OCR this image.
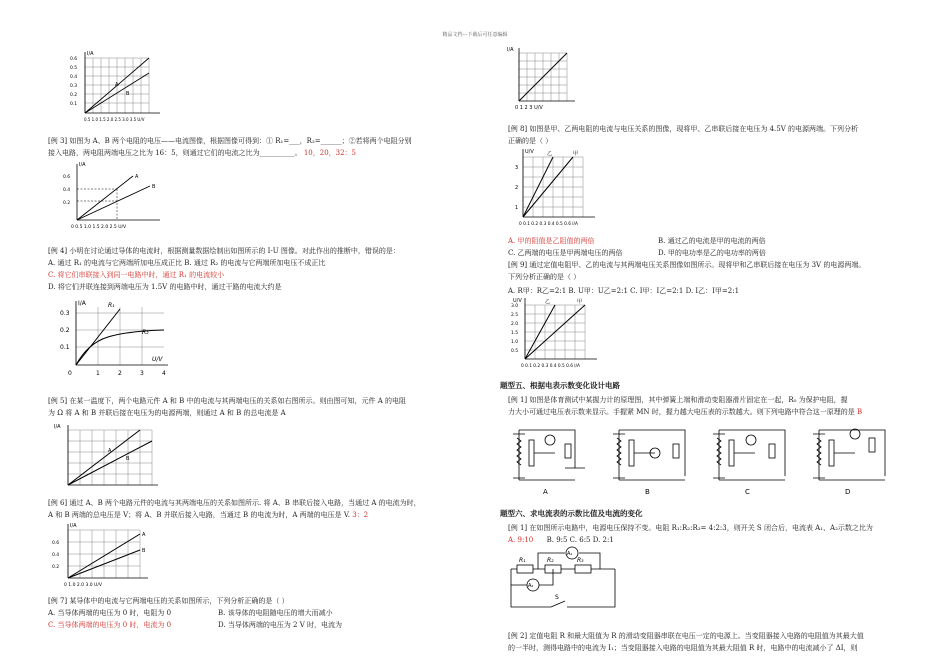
精品文档---下载后可任意编辑
I/A
A
B
0.6
0.5
0.4
0.3
0.2
0.1
0.5 1.0 1.5 2.0 2.5 3.0 3.5 U/V
[例 3] 如图为 A、B 两个电阻的电压——电流图像，根据图像可得到：① R₁=___，R₂=______；②若将两个电阻分别
接入电路，两电阻两端电压之比为 16：5，则通过它们的电流之比为__________。 10，20，32：5
I/A
0.6
0.4
0.2
A
B
0 0.5 1.0 1.5 2.0 2.5 U/V
[例 4] 小明在讨论通过导体的电流时，根据测量数据绘制出如图所示的 I-U 图像。对此作出的推断中，错误的是：
A. 通过 R₁ 的电流与它两端所加电压成正比 B. 通过 R₂ 的电流与它两端所加电压不成正比
C. 将它们串联接入到同一电路中时，通过 R₁ 的电流较小
D. 将它们并联连接到两端电压为 1.5V 的电路中时，通过干路的电流大约是
I/A
0.3
0.2
0.1
R₁
R₂
0	1	2	3	4
U/V
[例 5] 在某一温度下，两个电路元件 A 和 B 中的电流与其两端电压的关系如右图所示。则由图可知，元件 A 的电阻
为 Ω 将 A 和 B 并联后接在电压为的电源两端，则通过 A 和 B 的总电流是 A
I/A
A
B
[例 6] 通过 A、B 两个电路元件的电流与其两端电压的关系如图所示. 将 A、B 串联后接入电路，当通过 A 的电流为时，
A 和 B 两端的总电压是 V；将 A、B 并联后接入电路，当通过 B 的电流为时，A 两端的电压是 V. 3：2
I/A
0.6
0.4
0.2
A
B
0 1.0 2.0 3.0 U/V
[例 7] 某导体中的电流与它两端电压的关系如图所示，下列分析正确的是（ ）
A. 当导体两端的电压为 0 时，电阻为 0	B. 该导体的电阻随电压的增大而减小
C. 当导体两端的电压为 0 时，电流为 0	D. 当导体两端的电压为 2 V 时，电流为
I/A
0 1 2 3 U/V
[例 8] 如图是甲、乙两电阻的电流与电压关系的图像，现将甲、乙串联后接在电压为 4.5V 的电源两端。下列分析
正确的是（ ）
U/V
3
2
1
乙	甲
0 0.1 0.2 0.3 0.4 0.5 0.6 I/A
A. 甲的阻值是乙阻值的两倍	B. 通过乙的电流是甲的电流的两倍
C. 乙两端的电压是甲两端电压的两倍	D. 甲的电功率是乙的电功率的两倍
[例 9] 通过定值电阻甲、乙的电流与其两端电压关系图像如图所示。现将甲和乙串联后接在电压为 3V 的电源两端。
下列分析正确的是（ ）
A. R甲：R乙=2:1 B. U甲：U乙=2:1 C. I甲：I乙=2:1 D. I乙：I甲=2:1
U/V
3.0
2.5
2.0
1.5
1.0
0.5
乙	甲
0 0.1 0.2 0.3 0.4 0.5 0.6 I/A
题型五、根据电表示数变化设计电路
[例 1] 如图是体育测试中某握力计的原理图，其中弹簧上端和滑动变阻器滑片固定在一起，R₀ 为保护电阻，握
力大小可通过电压表示数来显示。手握紧 MN 时，握力越大电压表的示数越大。则下列电路中符合这一原理的是 B
A	B	C	D
题型六、求电流表的示数比值及电流的变化
[例 1] 在如图所示电路中，电源电压保持不变。电阻 R₁:R₂:R₃= 4:2:3，则开关 S 闭合后，电流表 A₁、A₂示数之比为
A. 9:10 B. 9:5 C. 6:5 D. 2:1
R₁	R₂	R₃
A₁
A₂
S
[例 2] 定值电阻 R 和最大阻值为 R 的滑动变阻器串联在电压一定的电源上。当变阻器接入电路的电阻值为其最大值
的一半时，测得电路中的电流为 I₁；当变阻器接入电路的电阻值为其最大阻值 R 时，电路中的电流减小了 ΔI，则
